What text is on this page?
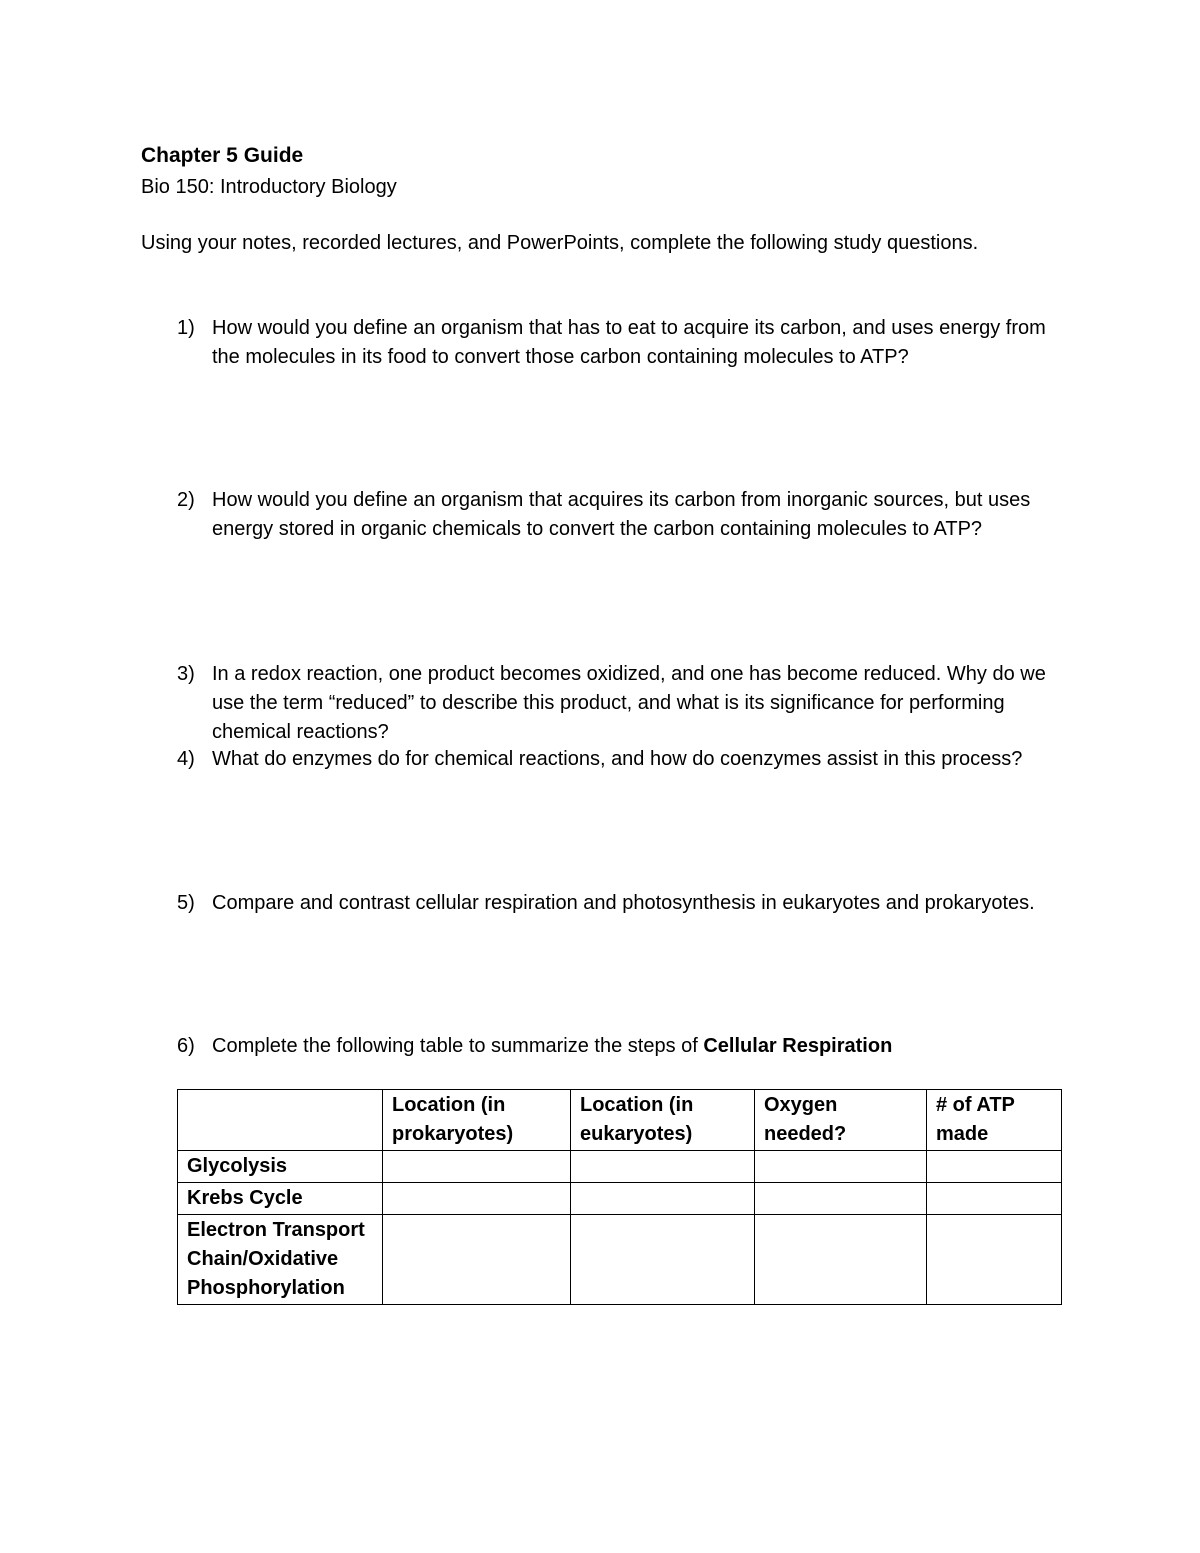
Chapter 5 Guide
Bio 150: Introductory Biology
Using your notes, recorded lectures, and PowerPoints, complete the following study questions.
1) How would you define an organism that has to eat to acquire its carbon, and uses energy from the molecules in its food to convert those carbon containing molecules to ATP?
2) How would you define an organism that acquires its carbon from inorganic sources, but uses energy stored in organic chemicals to convert the carbon containing molecules to ATP?
3) In a redox reaction, one product becomes oxidized, and one has become reduced. Why do we use the term “reduced” to describe this product, and what is its significance for performing chemical reactions?
4) What do enzymes do for chemical reactions, and how do coenzymes assist in this process?
5) Compare and contrast cellular respiration and photosynthesis in eukaryotes and prokaryotes.
6) Complete the following table to summarize the steps of Cellular Respiration
	Location (in prokaryotes)	Location (in eukaryotes)	Oxygen needed?	# of ATP made
Glycolysis				
Krebs Cycle				
Electron Transport Chain/Oxidative Phosphorylation				
